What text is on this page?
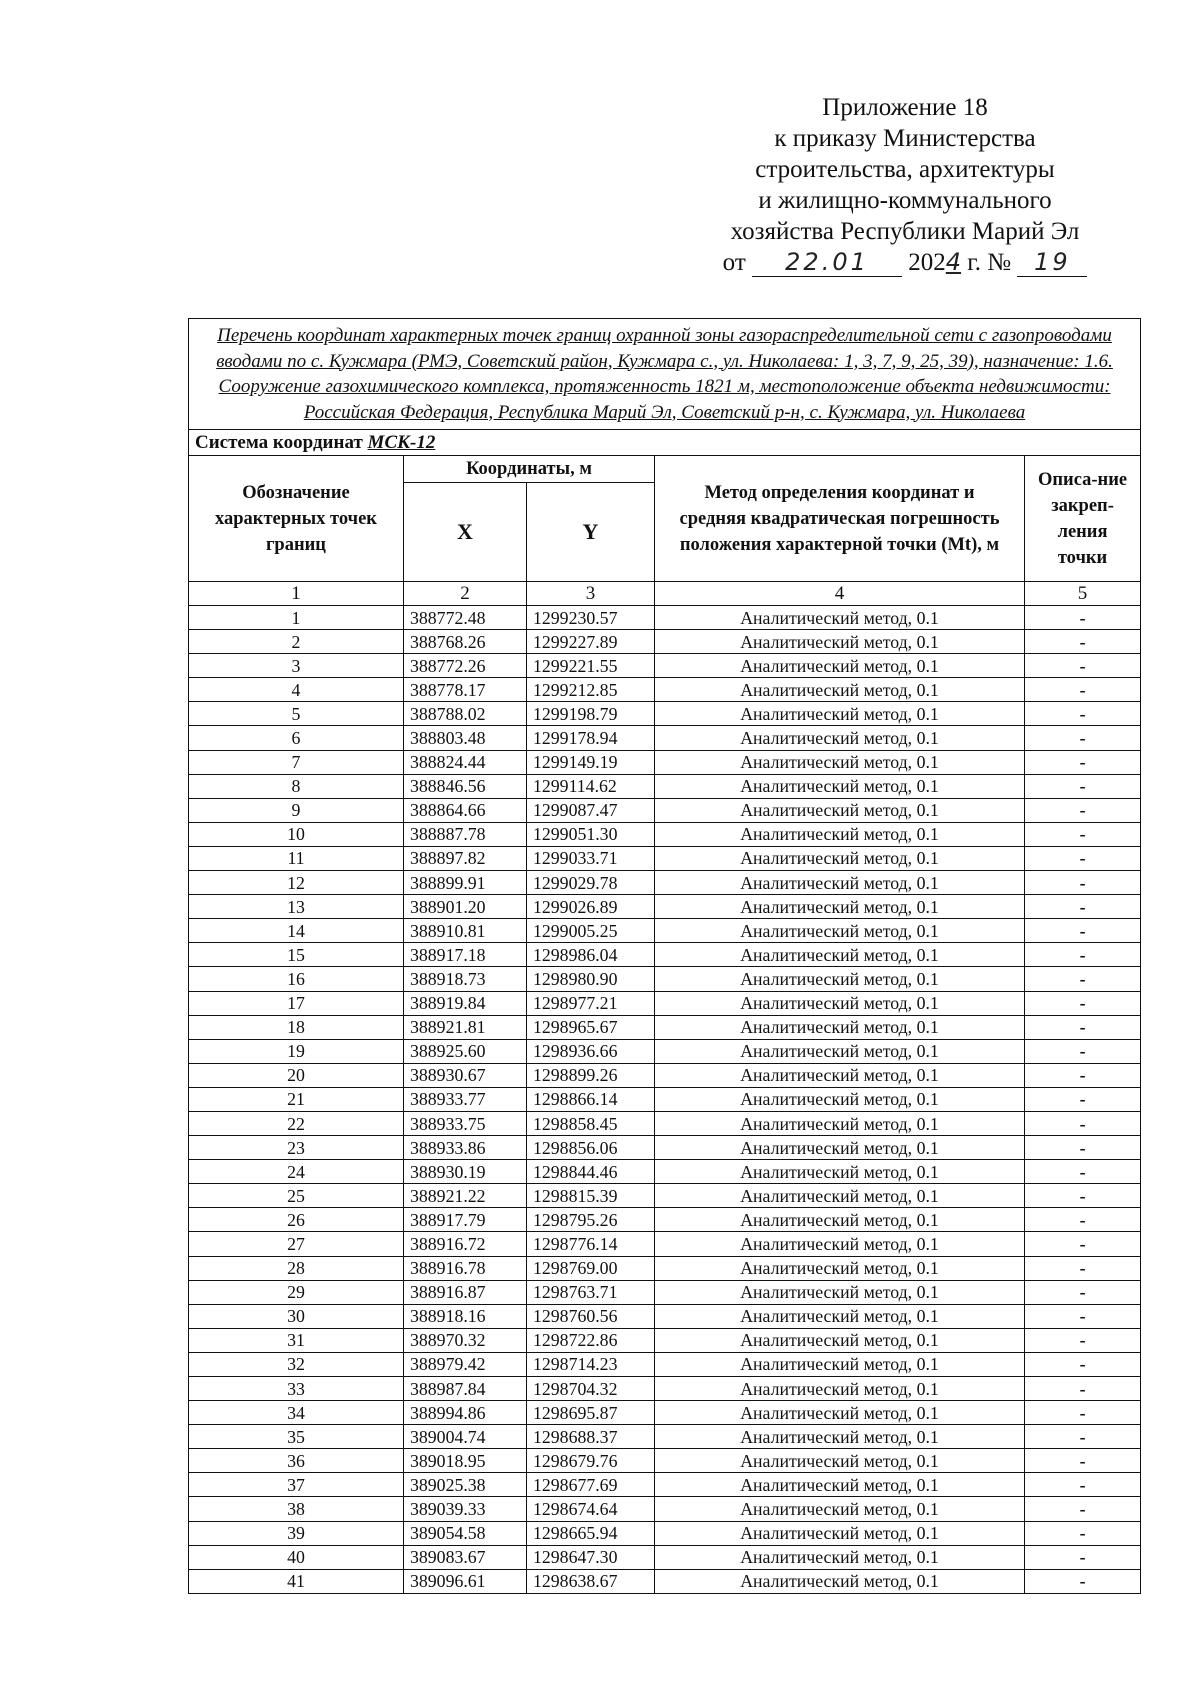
Приложение 18
к приказу Министерства
строительства, архитектуры
и жилищно-коммунального
хозяйства Республики Марий Эл
от 22.01 2024 г. № 19
Перечень координат характерных точек границ охранной зоны газораспределительной сети с газопроводами вводами по с. Кужмара (РМЭ, Советский район, Кужмара с., ул. Николаева: 1, 3, 7, 9, 25, 39), назначение: 1.6. Сооружение газохимического комплекса, протяженность 1821 м, местоположение объекта недвижимости: Российская Федерация, Республика Марий Эл, Советский р-н, с. Кужмара, ул. Николаева				
Система координат МСК-12				
Обозначение характерных точек границ	Координаты, м		Метод определения координат и средняя квадратическая погрешность положения характерной точки (Mt), м	Описа-ние закреп-ления точки
	X	Y		
1	2	3	4	5
1	388772.48	1299230.57	Аналитический метод, 0.1	-
2	388768.26	1299227.89	Аналитический метод, 0.1	-
3	388772.26	1299221.55	Аналитический метод, 0.1	-
4	388778.17	1299212.85	Аналитический метод, 0.1	-
5	388788.02	1299198.79	Аналитический метод, 0.1	-
6	388803.48	1299178.94	Аналитический метод, 0.1	-
7	388824.44	1299149.19	Аналитический метод, 0.1	-
8	388846.56	1299114.62	Аналитический метод, 0.1	-
9	388864.66	1299087.47	Аналитический метод, 0.1	-
10	388887.78	1299051.30	Аналитический метод, 0.1	-
11	388897.82	1299033.71	Аналитический метод, 0.1	-
12	388899.91	1299029.78	Аналитический метод, 0.1	-
13	388901.20	1299026.89	Аналитический метод, 0.1	-
14	388910.81	1299005.25	Аналитический метод, 0.1	-
15	388917.18	1298986.04	Аналитический метод, 0.1	-
16	388918.73	1298980.90	Аналитический метод, 0.1	-
17	388919.84	1298977.21	Аналитический метод, 0.1	-
18	388921.81	1298965.67	Аналитический метод, 0.1	-
19	388925.60	1298936.66	Аналитический метод, 0.1	-
20	388930.67	1298899.26	Аналитический метод, 0.1	-
21	388933.77	1298866.14	Аналитический метод, 0.1	-
22	388933.75	1298858.45	Аналитический метод, 0.1	-
23	388933.86	1298856.06	Аналитический метод, 0.1	-
24	388930.19	1298844.46	Аналитический метод, 0.1	-
25	388921.22	1298815.39	Аналитический метод, 0.1	-
26	388917.79	1298795.26	Аналитический метод, 0.1	-
27	388916.72	1298776.14	Аналитический метод, 0.1	-
28	388916.78	1298769.00	Аналитический метод, 0.1	-
29	388916.87	1298763.71	Аналитический метод, 0.1	-
30	388918.16	1298760.56	Аналитический метод, 0.1	-
31	388970.32	1298722.86	Аналитический метод, 0.1	-
32	388979.42	1298714.23	Аналитический метод, 0.1	-
33	388987.84	1298704.32	Аналитический метод, 0.1	-
34	388994.86	1298695.87	Аналитический метод, 0.1	-
35	389004.74	1298688.37	Аналитический метод, 0.1	-
36	389018.95	1298679.76	Аналитический метод, 0.1	-
37	389025.38	1298677.69	Аналитический метод, 0.1	-
38	389039.33	1298674.64	Аналитический метод, 0.1	-
39	389054.58	1298665.94	Аналитический метод, 0.1	-
40	389083.67	1298647.30	Аналитический метод, 0.1	-
41	389096.61	1298638.67	Аналитический метод, 0.1	-
